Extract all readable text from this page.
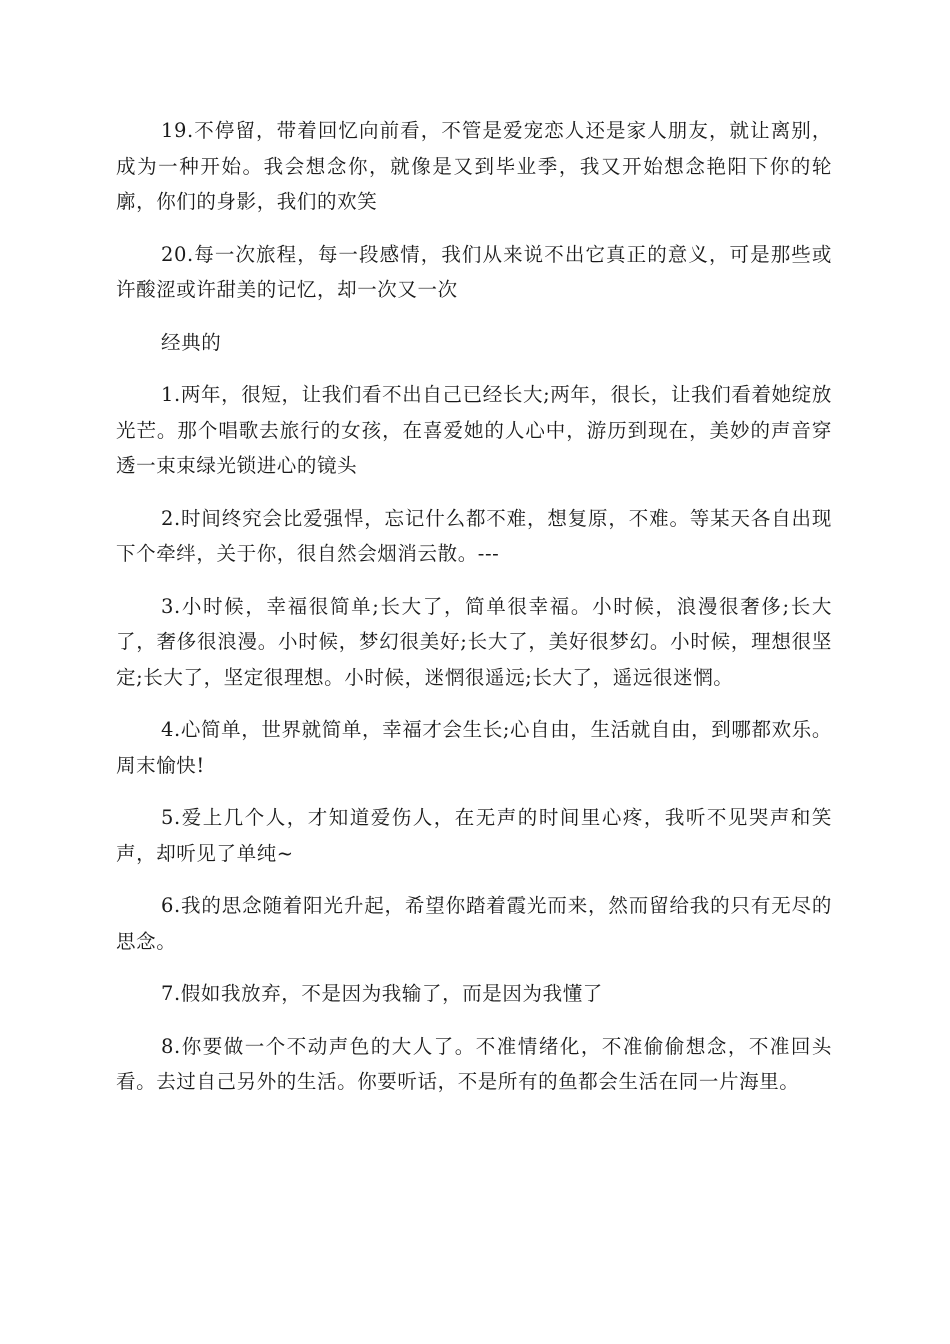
19.不停留，带着回忆向前看，不管是爱宠恋人还是家人朋友，就让离别，成为一种开始。我会想念你，就像是又到毕业季，我又开始想念艳阳下你的轮廓，你们的身影，我们的欢笑

20.每一次旅程，每一段感情，我们从来说不出它真正的意义，可是那些或许酸涩或许甜美的记忆，却一次又一次

经典的

1.两年，很短，让我们看不出自己已经长大;两年，很长，让我们看着她绽放光芒。那个唱歌去旅行的女孩，在喜爱她的人心中，游历到现在，美妙的声音穿透一束束绿光锁进心的镜头

2.时间终究会比爱强悍，忘记什么都不难，想复原，不难。等某天各自出现下个牵绊，关于你，很自然会烟消云散。---

3.小时候，幸福很简单;长大了，简单很幸福。小时候，浪漫很奢侈;长大了，奢侈很浪漫。小时候，梦幻很美好;长大了，美好很梦幻。小时候，理想很坚定;长大了，坚定很理想。小时候，迷惘很遥远;长大了，遥远很迷惘。

4.心简单，世界就简单，幸福才会生长;心自由，生活就自由，到哪都欢乐。周末愉快!

5.爱上几个人，才知道爱伤人，在无声的时间里心疼，我听不见哭声和笑声，却听见了单纯~

6.我的思念随着阳光升起，希望你踏着霞光而来，然而留给我的只有无尽的思念。

7.假如我放弃，不是因为我输了，而是因为我懂了

8.你要做一个不动声色的大人了。不准情绪化，不准偷偷想念，不准回头看。去过自己另外的生活。你要听话，不是所有的鱼都会生活在同一片海里。
